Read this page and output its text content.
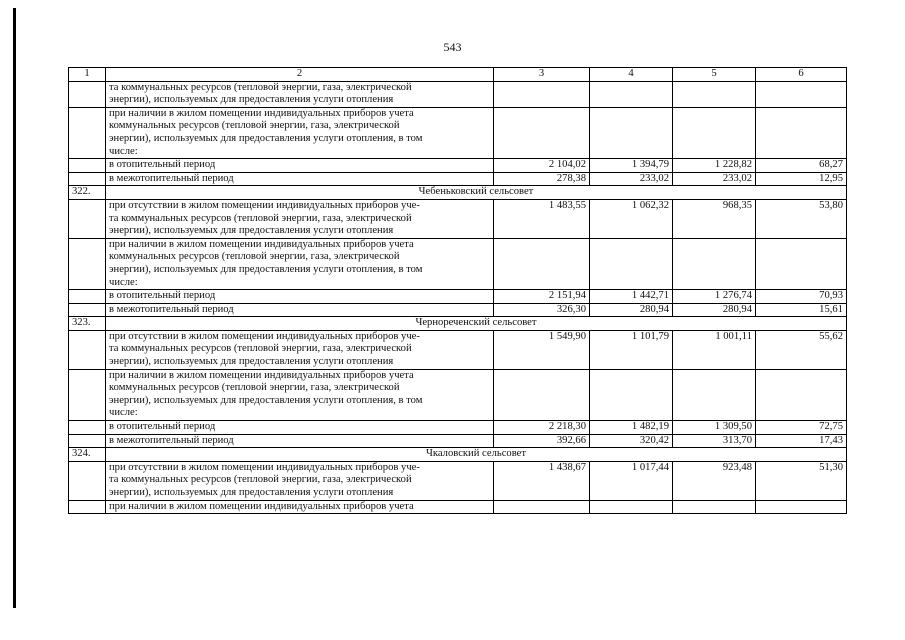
543
1	2	3	4	5	6

	та коммунальных ресурсов (тепловой энергии, газа, электрической
энергии), используемых для предоставления услуги отопления				

	при наличии в жилом помещении индивидуальных приборов учета
коммунальных ресурсов (тепловой энергии, газа, электрической
энергии), используемых для предоставления услуги отопления, в том
числе:				

	в отопительный период	2 104,02	1 394,79	1 228,82	68,27

	в межотопительный период	278,38	233,02	233,02	12,95
322.	Чебеньковский сельсовет				

	при отсутствии в жилом помещении индивидуальных приборов уче-
та коммунальных ресурсов (тепловой энергии, газа, электрической
энергии), используемых для предоставления услуги отопления	1 483,55	1 062,32	968,35	53,80

	при наличии в жилом помещении индивидуальных приборов учета
коммунальных ресурсов (тепловой энергии, газа, электрической
энергии), используемых для предоставления услуги отопления, в том
числе:				

	в отопительный период	2 151,94	1 442,71	1 276,74	70,93

	в межотопительный период	326,30	280,94	280,94	15,61
323.	Чернореченский сельсовет				

	при отсутствии в жилом помещении индивидуальных приборов уче-
та коммунальных ресурсов (тепловой энергии, газа, электрической
энергии), используемых для предоставления услуги отопления	1 549,90	1 101,79	1 001,11	55,62

	при наличии в жилом помещении индивидуальных приборов учета
коммунальных ресурсов (тепловой энергии, газа, электрической
энергии), используемых для предоставления услуги отопления, в том
числе:				

	в отопительный период	2 218,30	1 482,19	1 309,50	72,75

	в межотопительный период	392,66	320,42	313,70	17,43
324.	Чкаловский сельсовет				

	при отсутствии в жилом помещении индивидуальных приборов уче-
та коммунальных ресурсов (тепловой энергии, газа, электрической
энергии), используемых для предоставления услуги отопления	1 438,67	1 017,44	923,48	51,30

	при наличии в жилом помещении индивидуальных приборов учета				
